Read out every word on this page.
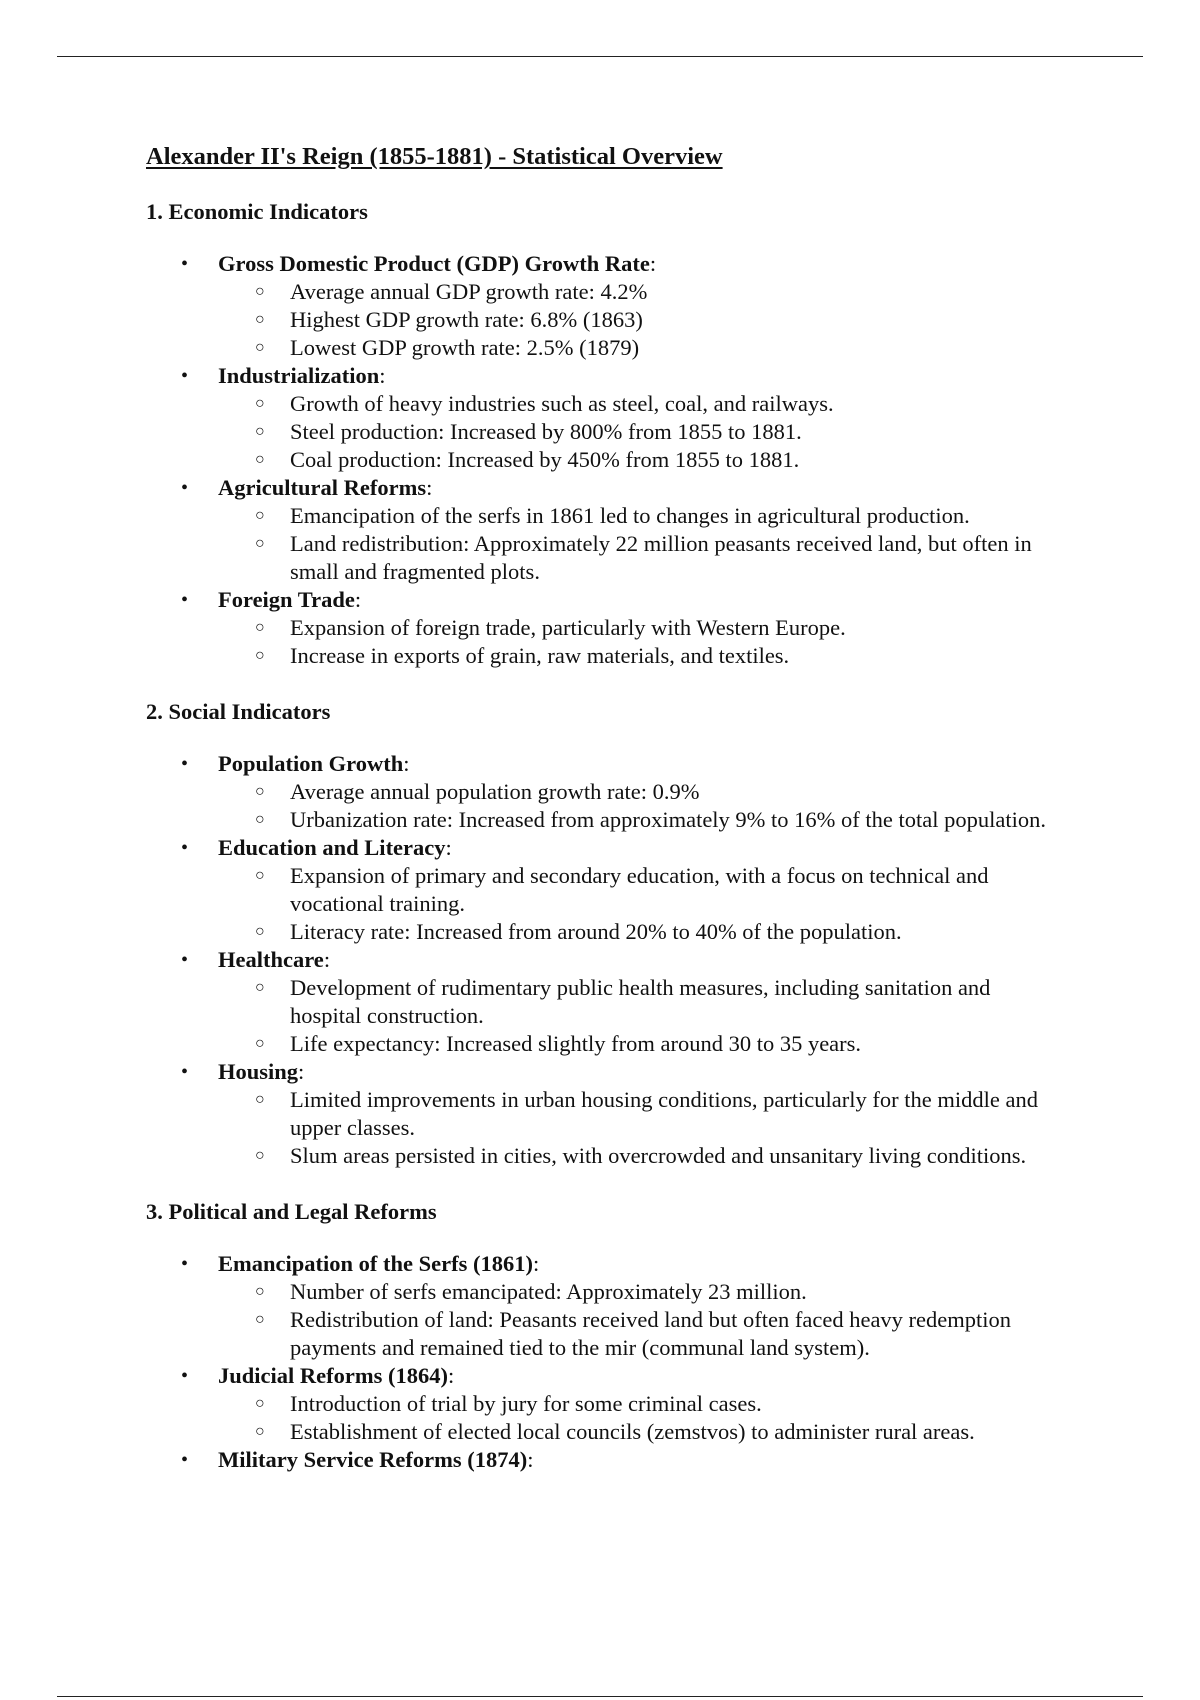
Alexander II's Reign (1855-1881) - Statistical Overview
1. Economic Indicators
• Gross Domestic Product (GDP) Growth Rate:
○ Average annual GDP growth rate: 4.2%
○ Highest GDP growth rate: 6.8% (1863)
○ Lowest GDP growth rate: 2.5% (1879)
• Industrialization:
○ Growth of heavy industries such as steel, coal, and railways.
○ Steel production: Increased by 800% from 1855 to 1881.
○ Coal production: Increased by 450% from 1855 to 1881.
• Agricultural Reforms:
○ Emancipation of the serfs in 1861 led to changes in agricultural production.
○ Land redistribution: Approximately 22 million peasants received land, but often in small and fragmented plots.
• Foreign Trade:
○ Expansion of foreign trade, particularly with Western Europe.
○ Increase in exports of grain, raw materials, and textiles.
2. Social Indicators
• Population Growth:
○ Average annual population growth rate: 0.9%
○ Urbanization rate: Increased from approximately 9% to 16% of the total population.
• Education and Literacy:
○ Expansion of primary and secondary education, with a focus on technical and vocational training.
○ Literacy rate: Increased from around 20% to 40% of the population.
• Healthcare:
○ Development of rudimentary public health measures, including sanitation and hospital construction.
○ Life expectancy: Increased slightly from around 30 to 35 years.
• Housing:
○ Limited improvements in urban housing conditions, particularly for the middle and upper classes.
○ Slum areas persisted in cities, with overcrowded and unsanitary living conditions.
3. Political and Legal Reforms
• Emancipation of the Serfs (1861):
○ Number of serfs emancipated: Approximately 23 million.
○ Redistribution of land: Peasants received land but often faced heavy redemption payments and remained tied to the mir (communal land system).
• Judicial Reforms (1864):
○ Introduction of trial by jury for some criminal cases.
○ Establishment of elected local councils (zemstvos) to administer rural areas.
• Military Service Reforms (1874):
